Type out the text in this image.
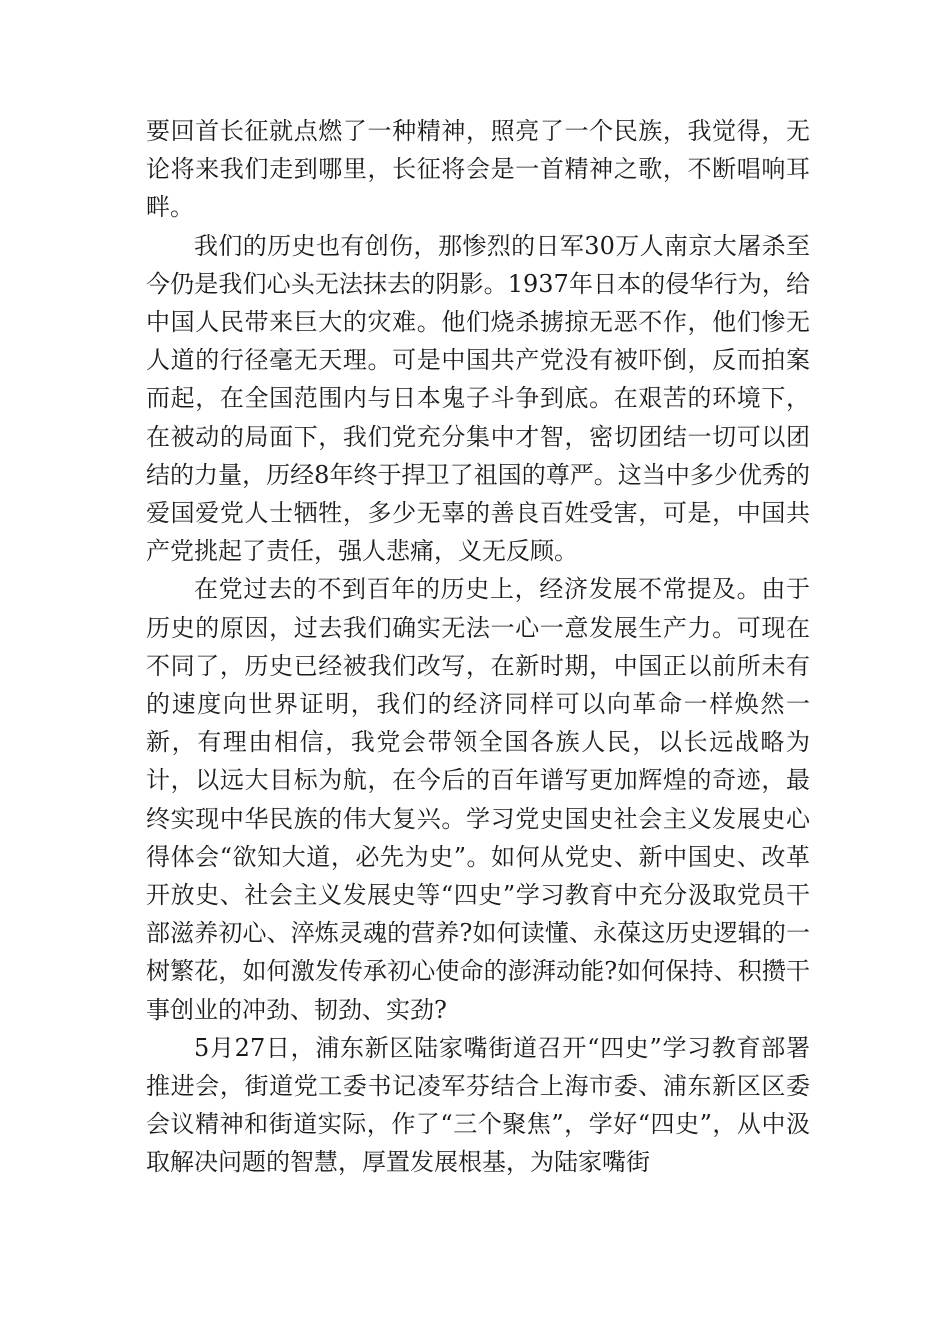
要回首长征就点燃了一种精神，照亮了一个民族，我觉得，无论将来我们走到哪里，长征将会是一首精神之歌，不断唱响耳畔。

我们的历史也有创伤，那惨烈的日军30万人南京大屠杀至今仍是我们心头无法抹去的阴影。1937年日本的侵华行为，给中国人民带来巨大的灾难。他们烧杀掳掠无恶不作，他们惨无人道的行径毫无天理。可是中国共产党没有被吓倒，反而拍案而起，在全国范围内与日本鬼子斗争到底。在艰苦的环境下，在被动的局面下，我们党充分集中才智，密切团结一切可以团结的力量，历经8年终于捍卫了祖国的尊严。这当中多少优秀的爱国爱党人士牺牲，多少无辜的善良百姓受害，可是，中国共产党挑起了责任，强人悲痛，义无反顾。

在党过去的不到百年的历史上，经济发展不常提及。由于历史的原因，过去我们确实无法一心一意发展生产力。可现在不同了，历史已经被我们改写，在新时期，中国正以前所未有的速度向世界证明，我们的经济同样可以向革命一样焕然一新，有理由相信，我党会带领全国各族人民，以长远战略为计，以远大目标为航，在今后的百年谱写更加辉煌的奇迹，最终实现中华民族的伟大复兴。学习党史国史社会主义发展史心得体会“欲知大道，必先为史”。如何从党史、新中国史、改革开放史、社会主义发展史等“四史”学习教育中充分汲取党员干部滋养初心、淬炼灵魂的营养?如何读懂、永葆这历史逻辑的一树繁花，如何激发传承初心使命的澎湃动能?如何保持、积攒干事创业的冲劲、韧劲、实劲?

5月27日，浦东新区陆家嘴街道召开“四史”学习教育部署推进会，街道党工委书记凌军芬结合上海市委、浦东新区区委会议精神和街道实际，作了“三个聚焦”，学好“四史”，从中汲取解决问题的智慧，厚置发展根基，为陆家嘴街
